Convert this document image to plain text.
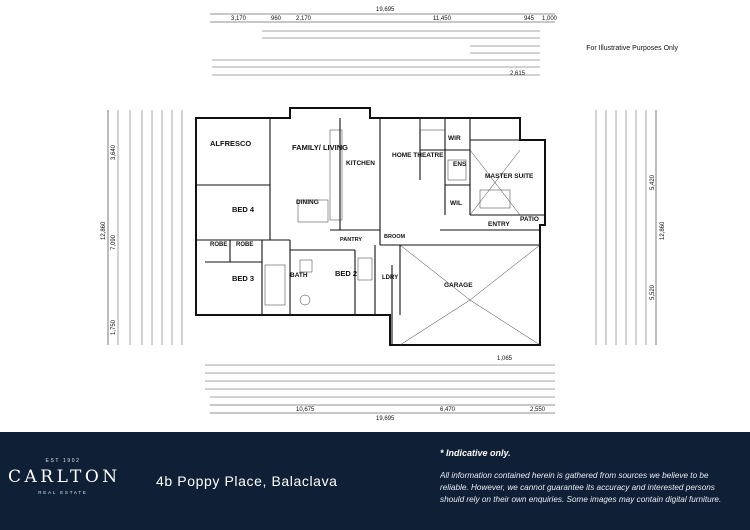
For Illustrative Purposes Only
ALFRESCO	FAMILY/ LIVING
KITCHEN
HOME THEATRE
ENS
WIR
MASTER SUITE
WIL
PATIO
ENTRY
BED 4
DINING
ROBE ROBE
BED 3	BATH	BED 2
PANTRY	BROOM
LDRY
GARAGE
19,695
3,170	960 2,170	11,450	945 1,000
2,615
19,695
10,675	6,470	2,550
1,065
12,860
3,640
7,090
1,750
12,860
5,420
5,520
EST 1902
CARLTON
REAL ESTATE
4b Poppy Place, Balaclava
* Indicative only.
All information contained herein is gathered from sources we believe to be
reliable. However, we cannot guarantee its accuracy and interested persons
should rely on their own enquiries. Some images may contain digital furniture.
